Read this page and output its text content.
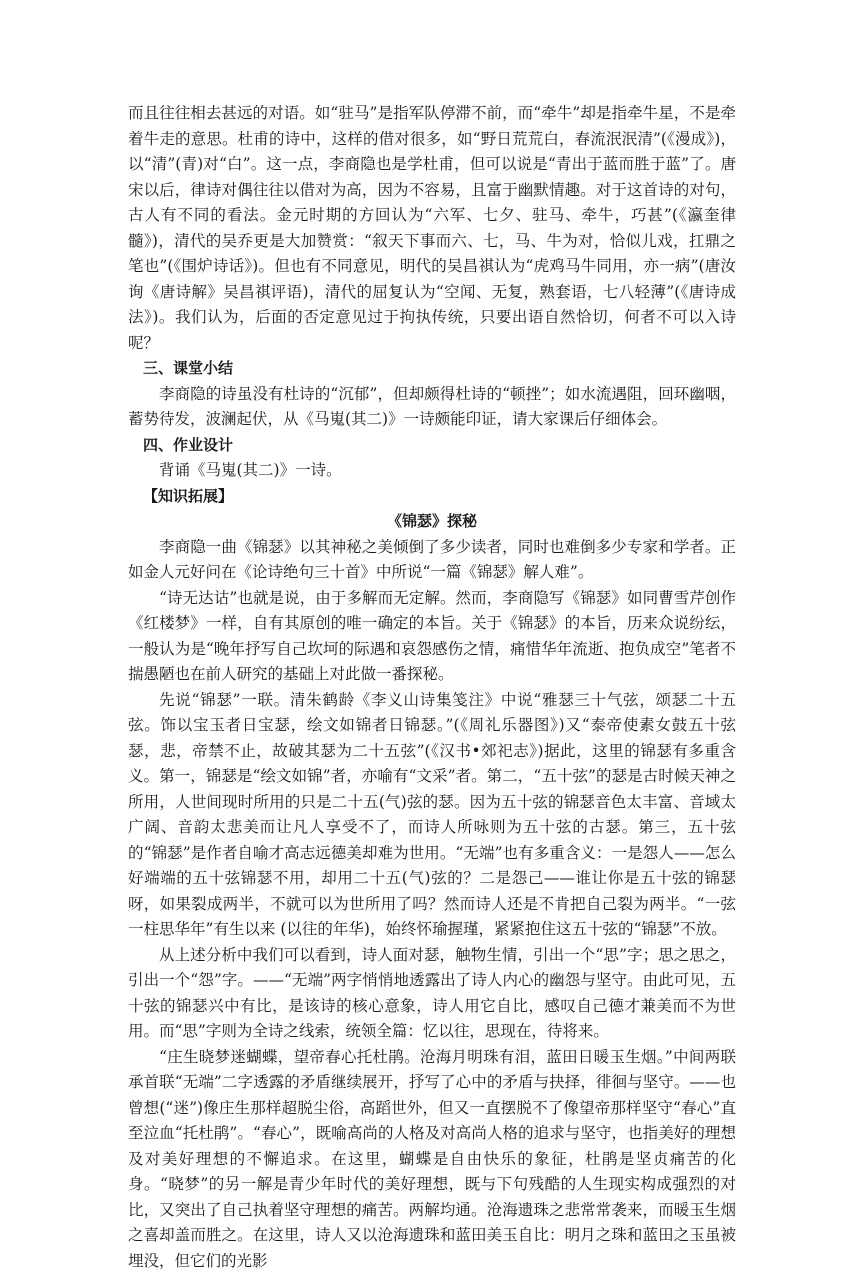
而且往往相去甚远的对语。如“驻马”是指军队停滞不前，而“牵牛”却是指牵牛星，不是牵着牛走的意思。杜甫的诗中，这样的借对很多，如“野日荒荒白，春流泯泯清”(《漫成》)，以“清”(青)对“白”。这一点，李商隐也是学杜甫，但可以说是“青出于蓝而胜于蓝”了。唐宋以后，律诗对偶往往以借对为高，因为不容易，且富于幽默情趣。对于这首诗的对句，古人有不同的看法。金元时期的方回认为“六军、七夕、驻马、牵牛，巧甚”(《瀛奎律髓》)，清代的吴乔更是大加赞赏：“叙天下事而六、七，马、牛为对，恰似儿戏，扛鼎之笔也”(《围炉诗话》)。但也有不同意见，明代的吴昌祺认为“虎鸡马牛同用，亦一病”(唐汝询《唐诗解》吴昌祺评语)，清代的屈复认为“空闻、无复，熟套语，七八轻薄”(《唐诗成法》)。我们认为，后面的否定意见过于拘执传统，只要出语自然恰切，何者不可以入诗呢？

三、课堂小结

李商隐的诗虽没有杜诗的“沉郁”，但却颇得杜诗的“顿挫”；如水流遇阻，回环幽咽，蓄势待发，波澜起伏，从《马嵬(其二)》一诗颇能印证，请大家课后仔细体会。

四、作业设计

背诵《马嵬(其二)》一诗。

【知识拓展】

《锦瑟》探秘

李商隐一曲《锦瑟》以其神秘之美倾倒了多少读者，同时也难倒多少专家和学者。正如金人元好问在《论诗绝句三十首》中所说“一篇《锦瑟》解人难”。

“诗无达诂”也就是说，由于多解而无定解。然而，李商隐写《锦瑟》如同曹雪芹创作《红楼梦》一样，自有其原创的唯一确定的本旨。关于《锦瑟》的本旨，历来众说纷纭，一般认为是“晚年抒写自己坎坷的际遇和哀怨感伤之情，痛惜华年流逝、抱负成空”笔者不揣愚陋也在前人研究的基础上对此做一番探秘。

先说“锦瑟”一联。清朱鹤龄《李义山诗集笺注》中说“雅瑟三十气弦，颂瑟二十五弦。饰以宝玉者日宝瑟，绘文如锦者日锦瑟。”(《周礼乐器图》)又“泰帝使素女鼓五十弦瑟，悲，帝禁不止，故破其瑟为二十五弦”(《汉书•郊祀志》)据此，这里的锦瑟有多重含义。第一，锦瑟是“绘文如锦”者，亦喻有“文采”者。第二，“五十弦”的瑟是古时候天神之所用，人世间现时所用的只是二十五(气)弦的瑟。因为五十弦的锦瑟音色太丰富、音域太广阔、音韵太悲美而让凡人享受不了，而诗人所咏则为五十弦的古瑟。第三，五十弦的“锦瑟”是作者自喻才高志远德美却难为世用。“无端”也有多重含义：一是怨人——怎么好端端的五十弦锦瑟不用，却用二十五(气)弦的？二是怨己——谁让你是五十弦的锦瑟呀，如果裂成两半，不就可以为世所用了吗？然而诗人还是不肯把自己裂为两半。“一弦一柱思华年”有生以来 (以往的年华)，始终怀瑜握瑾，紧紧抱住这五十弦的“锦瑟”不放。

从上述分析中我们可以看到，诗人面对瑟，触物生情，引出一个“思”字；思之思之，引出一个“怨”字。——“无端”两字悄悄地透露出了诗人内心的幽怨与坚守。由此可见，五十弦的锦瑟兴中有比，是该诗的核心意象，诗人用它自比，感叹自己德才兼美而不为世用。而“思”字则为全诗之线索，统领全篇：忆以往，思现在，待将来。

“庄生晓梦迷蝴蝶，望帝春心托杜鹃。沧海月明珠有泪，蓝田日暖玉生烟。”中间两联承首联“无端”二字透露的矛盾继续展开，抒写了心中的矛盾与抉择，徘徊与坚守。——也曾想(“迷”)像庄生那样超脱尘俗，高蹈世外，但又一直摆脱不了像望帝那样坚守“春心”直至泣血“托杜鹃”。“春心”，既喻高尚的人格及对高尚人格的追求与坚守，也指美好的理想及对美好理想的不懈追求。在这里，蝴蝶是自由快乐的象征，杜鹃是坚贞痛苦的化身。“晓梦”的另一解是青少年时代的美好理想，既与下句残酷的人生现实构成强烈的对比，又突出了自己执着坚守理想的痛苦。两解均通。沧海遗珠之悲常常袭来，而暖玉生烟之喜却盖而胜之。在这里，诗人又以沧海遗珠和蓝田美玉自比：明月之珠和蓝田之玉虽被埋没，但它们的光影
